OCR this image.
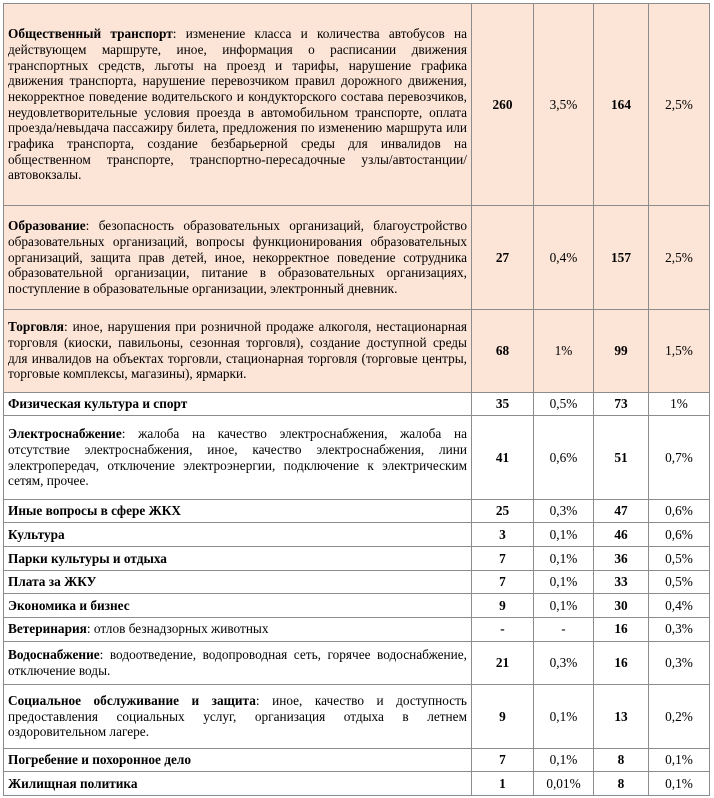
Общественный транспорт: изменение класса и количества автобусов на действующем маршруте, иное, информация о расписании движения транспортных средств, льготы на проезд и тарифы, нарушение графика движения транспорта, нарушение перевозчиком правил дорожного движения, некорректное поведение водительского и кондукторского состава перевозчиков, неудовлетворительные условия проезда в автомобильном транспорте, оплата проезда/невыдача пассажиру билета, предложения по изменению маршрута или графика транспорта, создание безбарьерной среды для инвалидов на общественном транспорте, транспортно-пересадочные узлы/автостанции/автовокзалы.	260	3,5%	164	2,5%
Образование: безопасность образовательных организаций, благоустройство образовательных организаций, вопросы функционирования образовательных организаций, защита прав детей, иное, некорректное поведение сотрудника образовательной организации, питание в образовательных организациях, поступление в образовательные организации, электронный дневник.	27	0,4%	157	2,5%
Торговля: иное, нарушения при розничной продаже алкоголя, нестационарная торговля (киоски, павильоны, сезонная торговля), создание доступной среды для инвалидов на объектах торговли, стационарная торговля (торговые центры, торговые комплексы, магазины), ярмарки.	68	1%	99	1,5%
Физическая культура и спорт	35	0,5%	73	1%
Электроснабжение: жалоба на качество электроснабжения, жалоба на отсутствие электроснабжения, иное, качество электроснабжения, лини электропередач, отключение электроэнергии, подключение к электрическим сетям, прочее.	41	0,6%	51	0,7%
Иные вопросы в сфере ЖКХ	25	0,3%	47	0,6%
Культура	3	0,1%	46	0,6%
Парки культуры и отдыха	7	0,1%	36	0,5%
Плата за ЖКУ	7	0,1%	33	0,5%
Экономика и бизнес	9	0,1%	30	0,4%
Ветеринария: отлов безнадзорных животных	-	-	16	0,3%
Водоснабжение: водоотведение, водопроводная сеть, горячее водоснабжение, отключение воды.	21	0,3%	16	0,3%
Социальное обслуживание и защита: иное, качество и доступность предоставления социальных услуг, организация отдыха в летнем оздоровительном лагере.	9	0,1%	13	0,2%
Погребение и похоронное дело	7	0,1%	8	0,1%
Жилищная политика	1	0,01%	8	0,1%
